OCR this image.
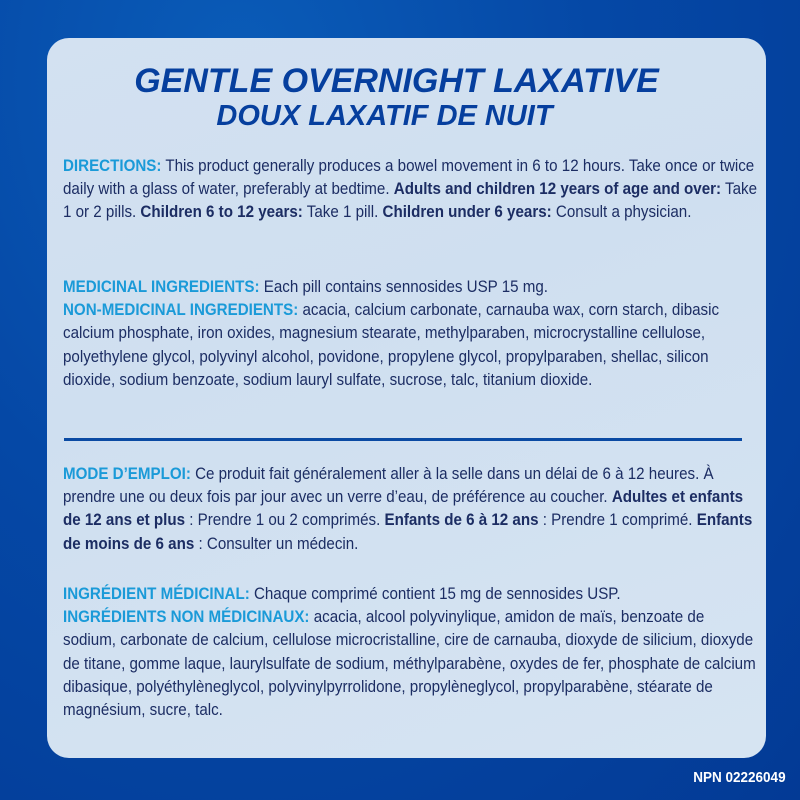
GENTLE OVERNIGHT LAXATIVE
DOUX LAXATIF DE NUIT
DIRECTIONS: This product generally produces a bowel movement in 6 to 12 hours. Take once or twice daily with a glass of water, preferably at bedtime. Adults and children 12 years of age and over: Take 1 or 2 pills. Children 6 to 12 years: Take 1 pill. Children under 6 years: Consult a physician.
MEDICINAL INGREDIENTS: Each pill contains sennosides USP 15 mg.
NON-MEDICINAL INGREDIENTS: acacia, calcium carbonate, carnauba wax, corn starch, dibasic calcium phosphate, iron oxides, magnesium stearate, methylparaben, microcrystalline cellulose, polyethylene glycol, polyvinyl alcohol, povidone, propylene glycol, propylparaben, shellac, silicon dioxide, sodium benzoate, sodium lauryl sulfate, sucrose, talc, titanium dioxide.
MODE D’EMPLOI: Ce produit fait généralement aller à la selle dans un délai de 6 à 12 heures. À prendre une ou deux fois par jour avec un verre d’eau, de préférence au coucher. Adultes et enfants de 12 ans et plus : Prendre 1 ou 2 comprimés. Enfants de 6 à 12 ans : Prendre 1 comprimé. Enfants de moins de 6 ans : Consulter un médecin.
INGRÉDIENT MÉDICINAL: Chaque comprimé contient 15 mg de sennosides USP.
INGRÉDIENTS NON MÉDICINAUX: acacia, alcool polyvinylique, amidon de maïs, benzoate de sodium, carbonate de calcium, cellulose microcristalline, cire de carnauba, dioxyde de silicium, dioxyde de titane, gomme laque, laurylsulfate de sodium, méthylparabène, oxydes de fer, phosphate de calcium dibasique, polyéthylèneglycol, polyvinylpyrrolidone, propylèneglycol, propylparabène, stéarate de magnésium, sucre, talc.
NPN 02226049
